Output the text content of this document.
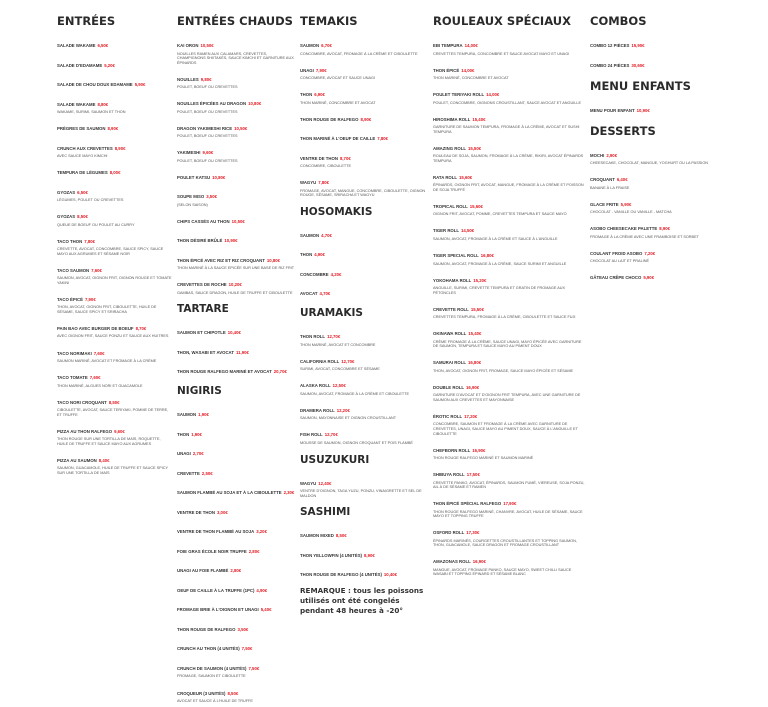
ENTRÉES
SALADE WAKAME 6,50€
SALADE D'EDAMAME 5,20€
SALADE DE CHOU DOUX EDAMAME 5,90€
SALADE WAKAME 8,80€
WAKAME, SURIMI, SAUMON ET THON
PRÉGRES DE SAUMON 8,90€
CRUNCH AUX CREVETTES 8,90€
AVEC SAUCE MAYO KIMCHI
TEMPURA DE LÉGUMES 8,00€
GYOZAS 6,50€
LÉGUMES, POULET OU CREVETTES
GYOZAS 8,50€
QUEUE DE BOEUF OU POULET AU CURRY
TACO THON 7,80€
CREVETTE, AVOCAT, CONCOMBRE, SAUCE SPICY, SAUCE MAYO AUX AGRUMES ET SÉSAME NOIR
TACO SAUMON 7,60€
SAUMON, AVOCAT, OIGNON FRIT, OIGNON ROUGE ET TOMATE YAKINI
TACO ÉPICÉ 7,90€
THON, AVOCAT, OIGNON FRIT, CIBOULETTE, HUILE DE SÉSAME, SAUCE SPICY ET SRIRACHA
PAIN BAO AVEC BURGER DE BOEUF 8,70€
AVEC OIGNON FRIT, SAUCE PONZU ET SAUCE AUX HUITRES
TACO NORIMAKI 7,60€
SAUMON MARINÉ, AVOCAT ET FROMAGE À LA CRÈME
TACO TOMATE 7,60€
THON MARINÉ, ALGUES NORI ET GUACAMOLE
TACO NORI CROQUANT 8,50€
CIBOULETTE, AVOCAT, SAUCE TERIYAKI, POMME DE TERRE, ET TRUFFE
PIZZA AU THON RALFEGO 9,60€
THON ROUGE SUR UNE TORTILLA DE MAÏS, ROQUETTE, HUILE DE TRUFFE ET SAUCE MAYO AUX AGRUMES
PIZZA AU SAUMON 8,40€
SAUMON, GUACAMOLE, HUILE DE TRUFFE ET SAUCE SPICY SUR UNE TORTILLA DE MAÏS
ENTRÉES CHAUDS
KAI ORON 10,50€
NOUILLES RAMEN AUX CALAMARS, CREVETTES, CHAMPIGNONS SHIITAKÉS, SAUCE KIMCHI ET GARNITURE AUX ÉPINARDS
NOUILLES 9,80€
POULET, BOEUF OU CREVETTES
NOUILLES ÉPICÉES AU DRAGON 10,80€
POULET, BOEUF OU CREVETTES
DRAGON YAKIMESHI RICE 10,50€
POULET, BOEUF OU CREVETTES
YAKIMESHI 9,60€
POULET, BOEUF OU CREVETTES
POULET KATSU 10,80€
SOUPE MISO 3,50€
(SELON SAISON)
CHIPS CASSÉS AU THON 10,50€
THON DÉSIRÉ BRÛLÉ 10,90€
THON ÉPICÉ AVEC RIZ ET RIZ CROQUANT 10,80€
THON MARINÉ À LA SAUCE EPICÉE SUR UNE BASE DE RIZ FRIT
CREVETTES DE ROCHE 10,20€
GAMBAS, SAUCE DRAGON, HUILE DE TRUFFE ET CIBOULETTE
TARTARE
SAUMON ET CHIPOTLE 10,40€
THON, WASABI ET AVOCAT 11,90€
THON ROUGE RALFEGO MARINÉ ET AVOCAT 20,70€
NIGIRIS
SAUMON 1,90€
THON 1,90€
UNAGI 2,70€
CREVETTE 2,50€
SAUMON FLAMBÉ AU SOJA ET À LA CIBOULETTE 2,30€
VENTRE DE THON 3,00€
VENTRE DE THON FLAMBÉ AU SOJA 3,20€
FOIE GRAS ÉCOLE NOIR TRUFFE 2,80€
UNAGI AU FOIE FLAMBÉ 2,80€
OEUF DE CAILLE À LA TRUFFE (1PC) 4,90€
FROMAGE BRIE À L'OIGNON ET UNAGI 5,40€
THON ROUGE DE RALFEGO 3,50€
CRUNCH AU THON (4 UNITÉS) 7,50€
CRUNCH DE SAUMON (4 UNITÉS) 7,50€
FROMAGE, SAUMON ET CIBOULETTE
CROQUEUR (3 UNITÉS) 8,50€
AVOCAT ET SAUCE À L'HUILE DE TRUFFE
TEMAKIS
SAUMON 6,70€
CONCOMBRE, AVOCAT, FROMAGE À LA CRÈME ET CIBOULETTE
UNAGI 7,90€
CONCOMBRE, AVOCAT ET SAUCE UNAGI
THON 6,90€
THON MARINÉ, CONCOMBRE ET AVOCAT
THON ROUGE DE RALFEGO 8,90€
THON MARINÉ À L'OEUF DE CAILLE 7,80€
VENTRE DE THON 8,70€
CONCOMBRE, CIBOULETTE
WAGYU 7,80€
FROMAGE, AVOCAT, MANGUE, CONCOMBRE, CIBOULETTE, OIGNON ROUGE, SÉSAME, SRIRACHA ET WAGYU
HOSOMAKIS
SAUMON 4,70€
THON 4,90€
CONCOMBRE 4,20€
AVOCAT 4,70€
URAMAKIS
THON ROLL 12,70€
THON MARINÉ, AVOCAT ET CONCOMBRE
CALIFORNIA ROLL 12,70€
SURIMI, AVOCAT, CONCOMBRE ET SÉSAME
ALASKA ROLL 12,50€
SAUMON, AVOCAT, FROMAGE À LA CRÈME ET CIBOULETTE
DRAMERA ROLL 12,20€
SAUMON, MAYONNAISE ET OIGNON CROUSTILLANT
FISH ROLL 12,70€
MOUSSE DE SAUMON, OIGNON CROQUANT ET POIS FLAMBÉ
USUZUKURI
WAGYU 12,40€
VENTRE D'OIGNON, TAGA YUZU, PONZU, VINAIGRETTE ET SEL DE MALDON
SASHIMI
SAUMON MIXED 8,50€
THON YELLOWFIN (4 UNITÉS) 8,90€
THON ROUGE DE RALFEGO (4 UNITÉS) 10,40€
REMARQUE : tous les poissons utilisés ont été congelés pendant 48 heures à -20°
ROULEAUX SPÉCIAUX
EBI TEMPURA 14,00€
CREVETTES TEMPURA, CONCOMBRE ET SAUCE AVOCAT MAYO ET UNAGI
THON ÉPICÉ 14,00€
THON MARINÉ, CONCOMBRE ET AVOCAT
POULET TERIYAKI ROLL 14,00€
POULET, CONCOMBRE, OIGNONS CROUSTILLANT, SAUCE AVOCAT ET ANGUILLE
HIROSHIMA ROLL 15,40€
GARNITURE DE SAUMON TEMPURA, FROMAGE À LA CRÈME, AVOCAT ET SUSHI TEMPURA
AMAZING ROLL 15,50€
ROULEAU DE SOJA, SAUMON, FROMAGE À LA CRÈME, RIKIRI, AVOCAT ÉPINARDS TEMPURA
RATA ROLL 15,60€
ÉPINARDS, OIGNON FRIT, AVOCAT, MANGUE, FROMAGE À LA CRÈME ET POISSON DE SOJA TRUFFÉ
TROPICAL ROLL 15,60€
OIGNON FRIT, AVOCAT, POMME, CREVETTES TEMPURA ET SAUCE MAYO
TIGER ROLL 14,50€
SAUMON, AVOCAT, FROMAGE À LA CRÈME ET SAUCE À L'ANGUILLE
TIGER SPECIAL ROLL 16,80€
SAUMON, AVOCAT, FROMAGE À LA CRÈME, SAUCE SURIMI ET ANGUILLE
YOKOHAMA ROLL 15,20€
ANGUILLE, SURIMI, CREVETTE TEMPURA ET GRATIN DE FROMAGE AUX PÉTONCLES
CREVETTE ROLL 15,50€
CREVETTES TEMPURA, FROMAGE À LA CRÈME, CIBOULETTE ET SAUCE FUJI
OKINAWA ROLL 15,40€
CRÈME FROMAGE À LA CRÈME, SAUCE UNAGI, MAYO ÉPICÉE AVEC GARNITURE DE SAUMON, TEMPURA ET SAUCE MAYO AU PIMENT DOUX
SAMURAI ROLL 16,80€
THON, AVOCAT, OIGNON FRIT, FROMAGE, SAUCE MAYO ÉPICÉE ET SÉSAME
DOUBLE ROLL 16,90€
GARNITURE D'AVOCAT ET D'OIGNON FRIT TEMPURA, AVEC UNE GARNITURE DE SAUMON AUX CREVETTES ET MAYONNAISE
ÉROTIC ROLL 17,20€
CONCOMBRE, SAUMON ET FROMAGE À LA CRÈME AVEC GARNITURE DE CREVETTES, UNAGI, SAUCE MAYO AU PIMENT DOUX, SAUCE À L'ANGUILLE ET CIBOULETTE
CHEFBORN ROLL 16,90€
THON ROUGE RALFEGO MARINÉ ET SAUMON MARINÉ
SHIBUYA ROLL 17,50€
CREVETTE PANKO, AVOCAT, ÉPINARDS, SAUMON FUMÉ, VIEREUSE, SOJA PONZU, AIL À DE SÉSAME ET RAMEN
THON ÉPICÉ SPÉCIAL RALFEGO 17,90€
THON ROUGE RALFEGO MARINÉ, CHANVRE, AVOCAT, HUILE DE SÉSAME, SAUCE MAYO ET TOPPING TRUFFE
OSFORD ROLL 17,30€
ÉPINARDS MARINÉS, COURGETTES CROUSTILLANTES ET TOPPING SAUMON, THON, GUACAMOLE, SAUCE DRAGON ET FROMAGE CROUSTILLANT
AMAZONAS ROLL 16,90€
MANGUE, AVOCAT, FROMAGE PANKO, SAUCE MAYO, SWEET CHILLI SAUCE WASABI ET TOPPING ÉPINARD ET SÉSAME BLANC
COMBOS
COMBO 12 PIÈCES 15,90€
COMBO 24 PIÈCES 30,60€
MENU ENFANTS
MENU POUR ENFANT 10,90€
DESSERTS
MOCHI 2,90€
CHEESECAKE, CHOCOLAT, MANGUE, YOGHURT OU LA PASSION
CROQUANT 6,40€
BANANE À LA FRAISE
GLACE FRITE 5,90€
CHOCOLAT - VANILLE OU VANILLE - MATCHA
ASOBO CHEESECAKE PALETTE 8,90€
FROMAGE À LA CRÈME AVEC UNE FRAMBOISE ET SORBET
COULANT FROID ASOBO 7,20€
CHOCOLAT AU LAIT ET PRALINÉ
GÂTEAU CRÊPE CHOCO 5,90€
